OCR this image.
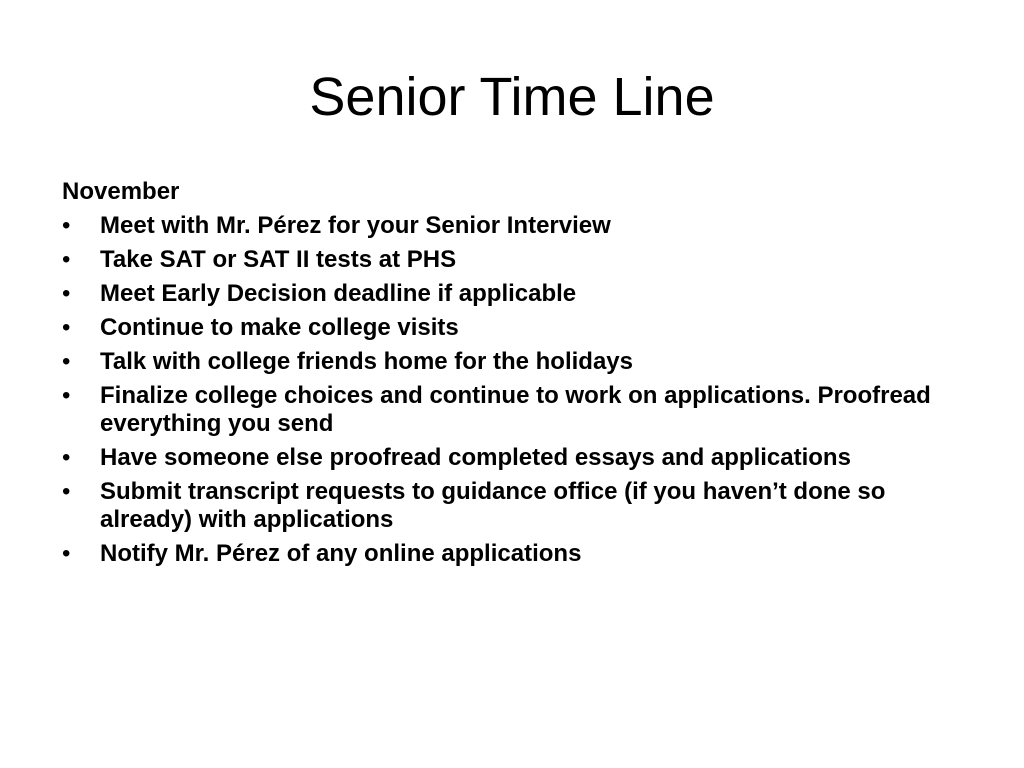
Senior Time Line
November
• Meet with Mr. Pérez for your Senior Interview
• Take SAT or SAT II tests at PHS
• Meet Early Decision deadline if applicable
• Continue to make college visits
• Talk with college friends home for the holidays
• Finalize college choices and continue to work on applications. Proofread everything you send
• Have someone else proofread completed essays and applications
• Submit transcript requests to guidance office (if you haven’t done so already) with applications
• Notify Mr. Pérez of any online applications
